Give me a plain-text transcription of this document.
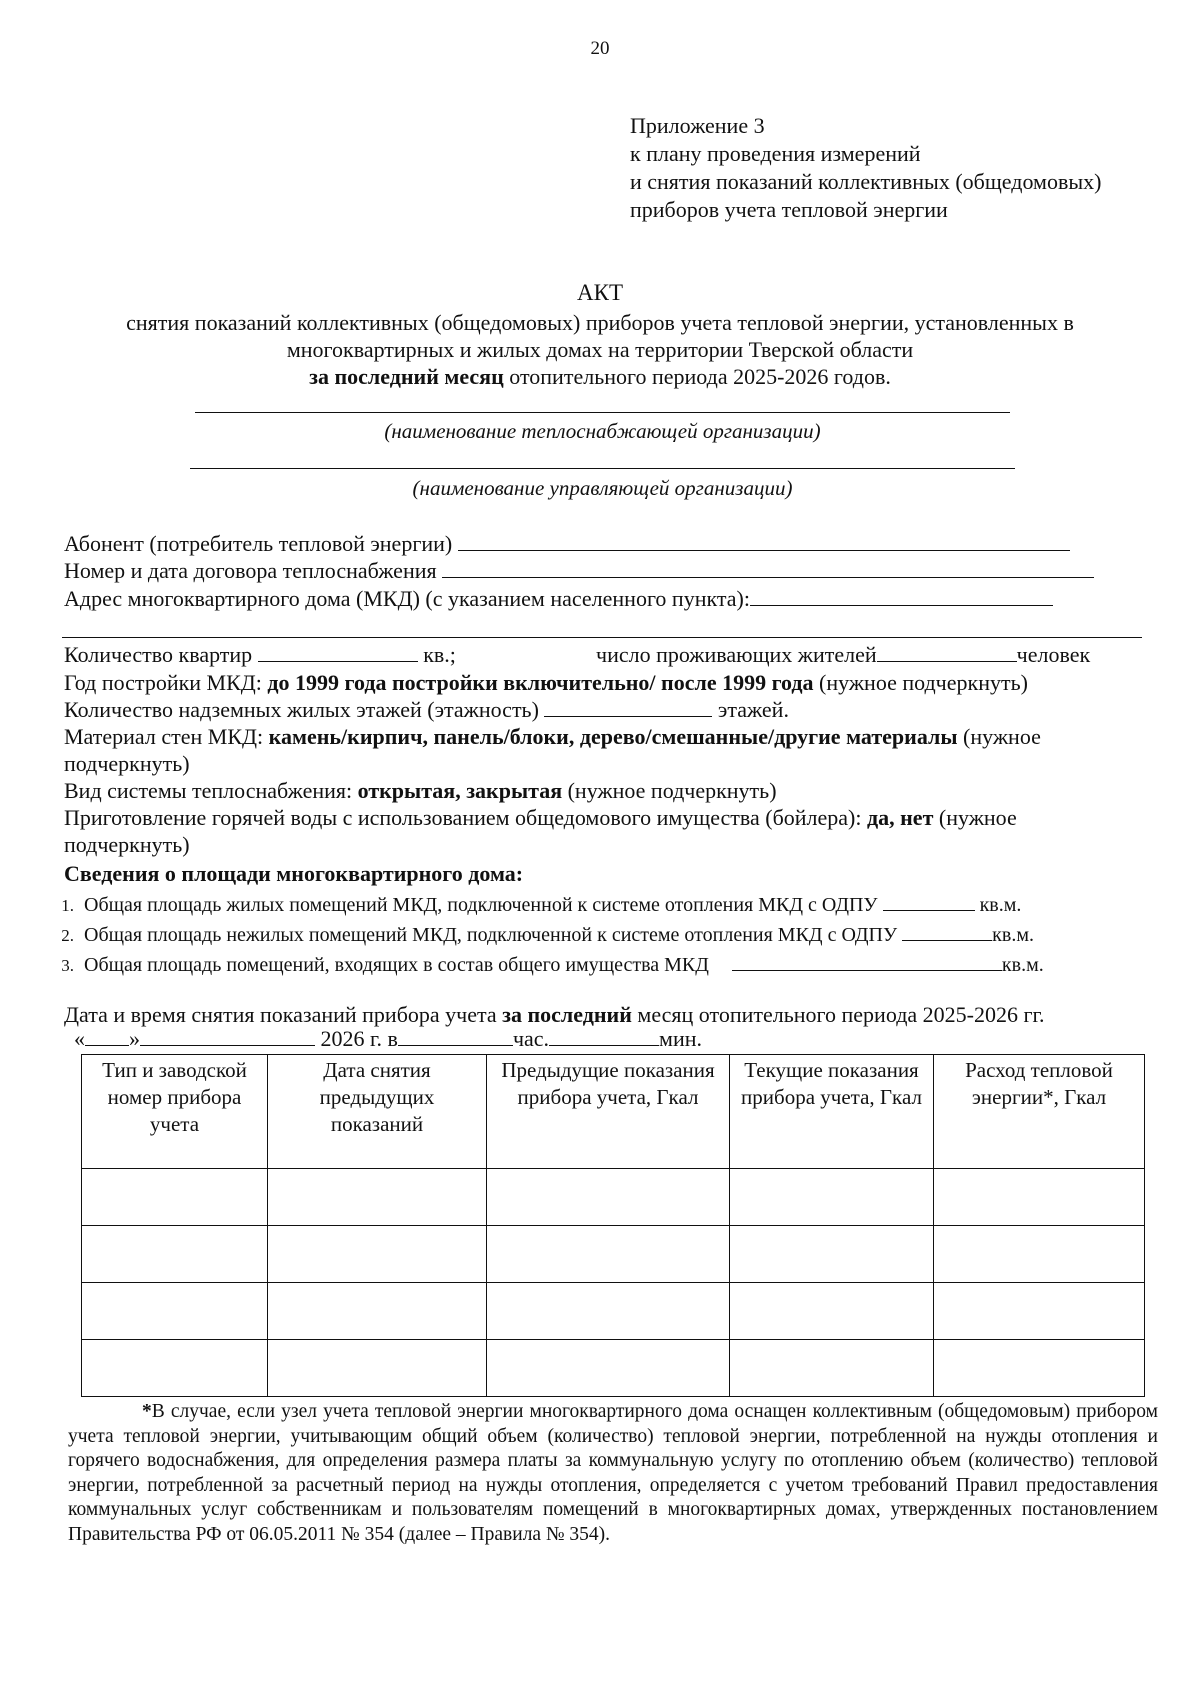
20
Приложение 3
к плану проведения измерений
и снятия показаний коллективных (общедомовых)
приборов учета тепловой энергии
АКТ
снятия показаний коллективных (общедомовых) приборов учета тепловой энергии, установленных в
многоквартирных и жилых домах на территории Тверской области
за последний месяц отопительного периода 2025-2026 годов.
(наименование теплоснабжающей организации)
(наименование управляющей организации)
Абонент (потребитель тепловой энергии)
Номер и дата договора теплоснабжения
Адрес многоквартирного дома (МКД) (с указанием населенного пункта):
Количество квартир	кв.;	число проживающих жителей	человек
Год постройки МКД: до 1999 года постройки включительно/ после 1999 года (нужное подчеркнуть)
Количество надземных жилых этажей (этажность)	этажей.
Материал стен МКД: камень/кирпич, панель/блоки, дерево/смешанные/другие материалы (нужное
подчеркнуть)
Вид системы теплоснабжения: открытая, закрытая (нужное подчеркнуть)
Приготовление горячей воды с использованием общедомового имущества (бойлера): да, нет (нужное
подчеркнуть)
Сведения о площади многоквартирного дома:
1. Общая площадь жилых помещений МКД, подключенной к системе отопления МКД с ОДПУ	кв.м.
2. Общая площадь нежилых помещений МКД, подключенной к системе отопления МКД с ОДПУ	кв.м.
3. Общая площадь помещений, входящих в состав общего имущества МКД	кв.м.
Дата и время снятия показаний прибора учета за последний месяц отопительного периода 2025-2026 гг.
« »	2026 г. в	час.	мин.
Тип и заводской номер прибора учета	Дата снятия предыдущих показаний	Предыдущие показания прибора учета, Гкал	Текущие показания прибора учета, Гкал	Расход тепловой энергии*, Гкал

*В случае, если узел учета тепловой энергии многоквартирного дома оснащен коллективным (общедомовым) прибором учета тепловой энергии, учитывающим общий объем (количество) тепловой энергии, потребленной на нужды отопления и горячего водоснабжения, для определения размера платы за коммунальную услугу по отоплению объем (количество) тепловой энергии, потребленной за расчетный период на нужды отопления, определяется с учетом требований Правил предоставления коммунальных услуг собственникам и пользователям помещений в многоквартирных домах, утвержденных постановлением Правительства РФ от 06.05.2011 № 354 (далее – Правила № 354).
